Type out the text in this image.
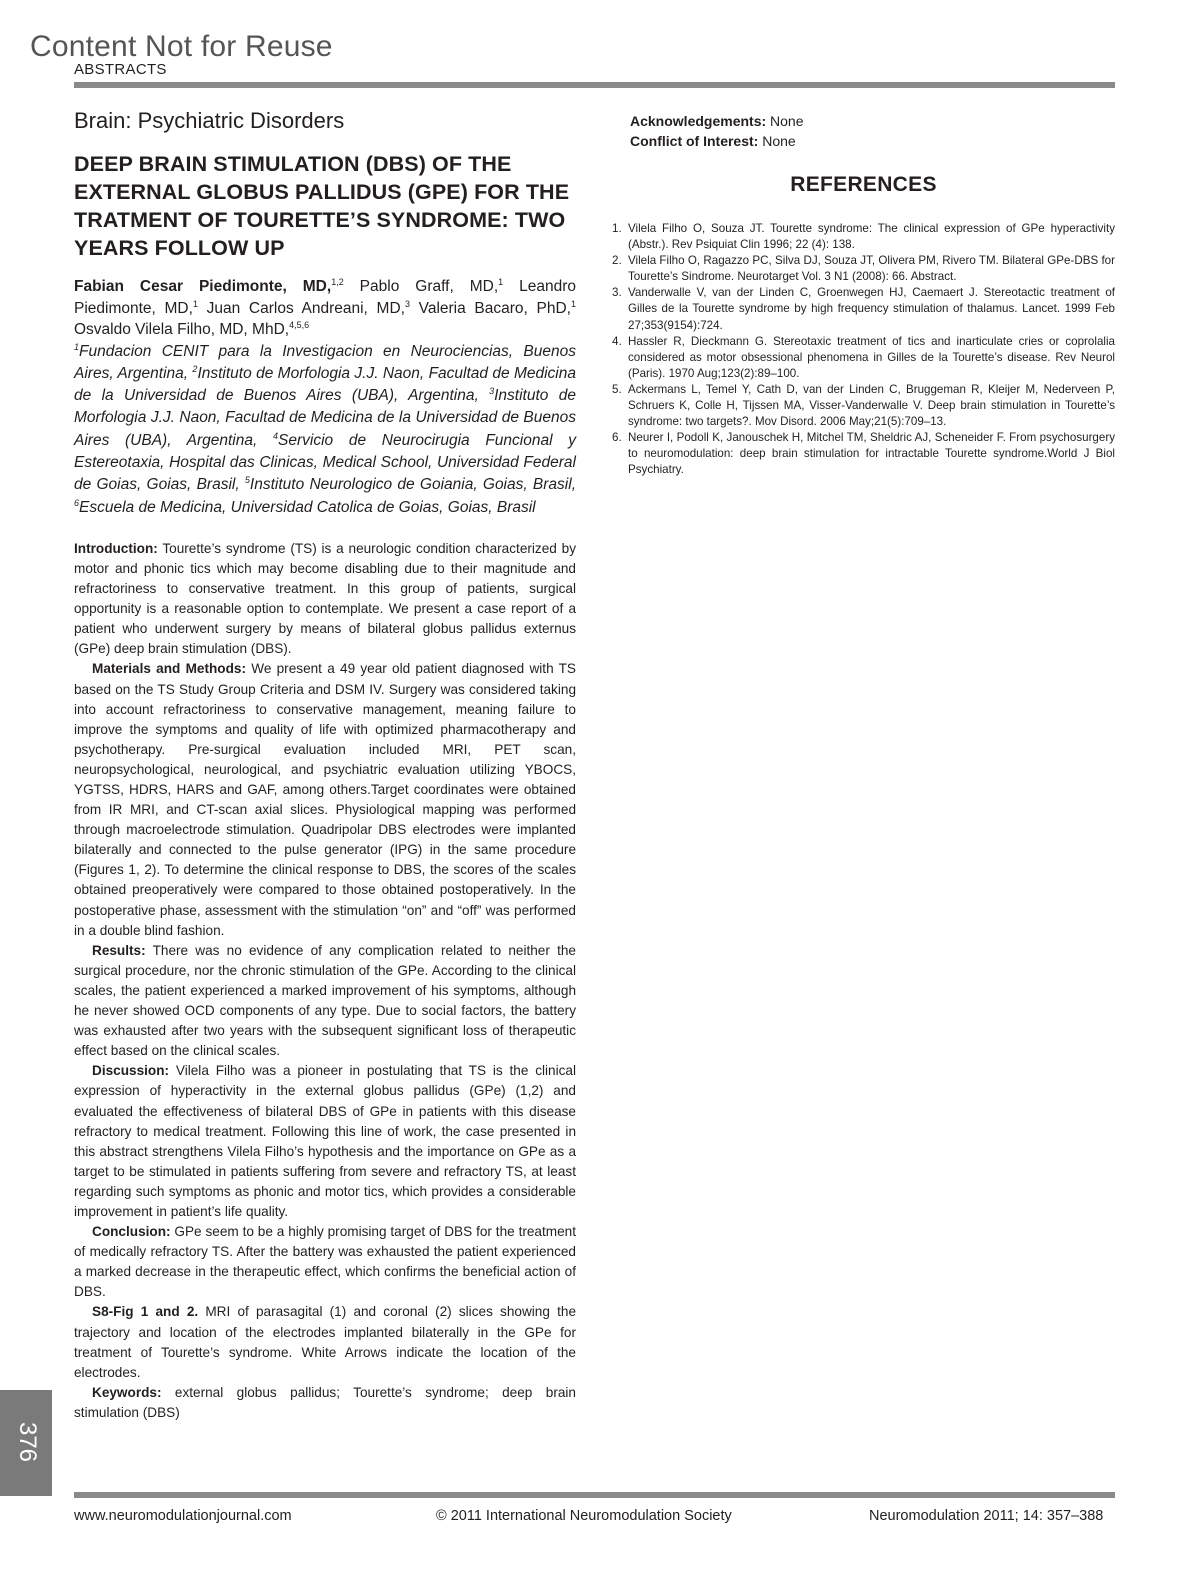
Content Not for Reuse
ABSTRACTS
Brain: Psychiatric Disorders
DEEP BRAIN STIMULATION (DBS) OF THE
EXTERNAL GLOBUS PALLIDUS (GPE) FOR THE
TRATMENT OF TOURETTE’S SYNDROME: TWO
YEARS FOLLOW UP

Fabian Cesar Piedimonte, MD,$^{1,2}$ Pablo Graff, MD,$^1$ Leandro Piedimonte, MD,$^1$ Juan Carlos Andreani, MD,$^3$ Valeria Bacaro, PhD,$^1$ Osvaldo Vilela Filho, MD, MhD,$^{4,5,6}$

$^1$Fundacion CENIT para la Investigacion en Neurociencias, Buenos Aires, Argentina, $^2$Instituto de Morfologia J.J. Naon, Facultad de Medicina de la Universidad de Buenos Aires (UBA), Argentina, $^3$Instituto de Morfologia J.J. Naon, Facultad de Medicina de la Universidad de Buenos Aires (UBA), Argentina, $^4$Servicio de Neurocirugia Funcional y Estereotaxia, Hospital das Clinicas, Medical School, Universidad Federal de Goias, Goias, Brasil, $^5$Instituto Neurologico de Goiania, Goias, Brasil, $^6$Escuela de Medicina, Universidad Catolica de Goias, Goias, Brasil

Introduction: Tourette’s syndrome (TS) is a neurologic condition characterized by motor and phonic tics which may become disabling due to their magnitude and refractoriness to conservative treatment. In this group of patients, surgical opportunity is a reasonable option to contemplate. We present a case report of a patient who underwent surgery by means of bilateral globus pallidus externus (GPe) deep brain stimulation (DBS).

Materials and Methods: We present a 49 year old patient diagnosed with TS based on the TS Study Group Criteria and DSM IV. Surgery was considered taking into account refractoriness to conservative management, meaning failure to improve the symptoms and quality of life with optimized pharmacotherapy and psychotherapy. Pre-surgical evaluation included MRI, PET scan, neuropsychological, neurological, and psychiatric evaluation utilizing YBOCS, YGTSS, HDRS, HARS and GAF, among others.Target coordinates were obtained from IR MRI, and CT-scan axial slices. Physiological mapping was performed through macroelectrode stimulation. Quadripolar DBS electrodes were implanted bilaterally and connected to the pulse generator (IPG) in the same procedure (Figures 1, 2). To determine the clinical response to DBS, the scores of the scales obtained preoperatively were compared to those obtained postoperatively. In the postoperative phase, assessment with the stimulation “on” and “off” was performed in a double blind fashion.

Results: There was no evidence of any complication related to neither the surgical procedure, nor the chronic stimulation of the GPe. According to the clinical scales, the patient experienced a marked improvement of his symptoms, although he never showed OCD components of any type. Due to social factors, the battery was exhausted after two years with the subsequent significant loss of therapeutic effect based on the clinical scales.

Discussion: Vilela Filho was a pioneer in postulating that TS is the clinical expression of hyperactivity in the external globus pallidus (GPe) (1,2) and evaluated the effectiveness of bilateral DBS of GPe in patients with this disease refractory to medical treatment. Following this line of work, the case presented in this abstract strengthens Vilela Filho’s hypothesis and the importance on GPe as a target to be stimulated in patients suffering from severe and refractory TS, at least regarding such symptoms as phonic and motor tics, which provides a considerable improvement in patient’s life quality.

Conclusion: GPe seem to be a highly promising target of DBS for the treatment of medically refractory TS. After the battery was exhausted the patient experienced a marked decrease in the therapeutic effect, which confirms the beneficial action of DBS.

S8-Fig 1 and 2. MRI of parasagital (1) and coronal (2) slices showing the trajectory and location of the electrodes implanted bilaterally in the GPe for treatment of Tourette’s syndrome. White Arrows indicate the location of the electrodes.

Keywords: external globus pallidus; Tourette’s syndrome; deep brain stimulation (DBS)

Acknowledgements: None

Conflict of Interest: None

REFERENCES
1. Vilela Filho O, Souza JT. Tourette syndrome: The clinical expression of GPe hyperactivity (Abstr.). Rev Psiquiat Clin 1996; 22 (4): 138.
2. Vilela Filho O, Ragazzo PC, Silva DJ, Souza JT, Olivera PM, Rivero TM. Bilateral GPe-DBS for Tourette’s Sindrome. Neurotarget Vol. 3 N1 (2008): 66. Abstract.
3. Vanderwalle V, van der Linden C, Groenwegen HJ, Caemaert J. Stereotactic treatment of Gilles de la Tourette syndrome by high frequency stimulation of thalamus. Lancet. 1999 Feb 27;353(9154):724.
4. Hassler R, Dieckmann G. Stereotaxic treatment of tics and inarticulate cries or coprolalia considered as motor obsessional phenomena in Gilles de la Tourette’s disease. Rev Neurol (Paris). 1970 Aug;123(2):89–100.
5. Ackermans L, Temel Y, Cath D, van der Linden C, Bruggeman R, Kleijer M, Nederveen P, Schruers K, Colle H, Tijssen MA, Visser-Vanderwalle V. Deep brain stimulation in Tourette’s syndrome: two targets?. Mov Disord. 2006 May;21(5):709–13.
6. Neurer I, Podoll K, Janouschek H, Mitchel TM, Sheldric AJ, Scheneider F. From psychosurgery to neuromodulation: deep brain stimulation for intractable Tourette syndrome.World J Biol Psychiatry.
376
www.neuromodulationjournal.com	© 2011 International Neuromodulation Society	Neuromodulation 2011; 14: 357–388
